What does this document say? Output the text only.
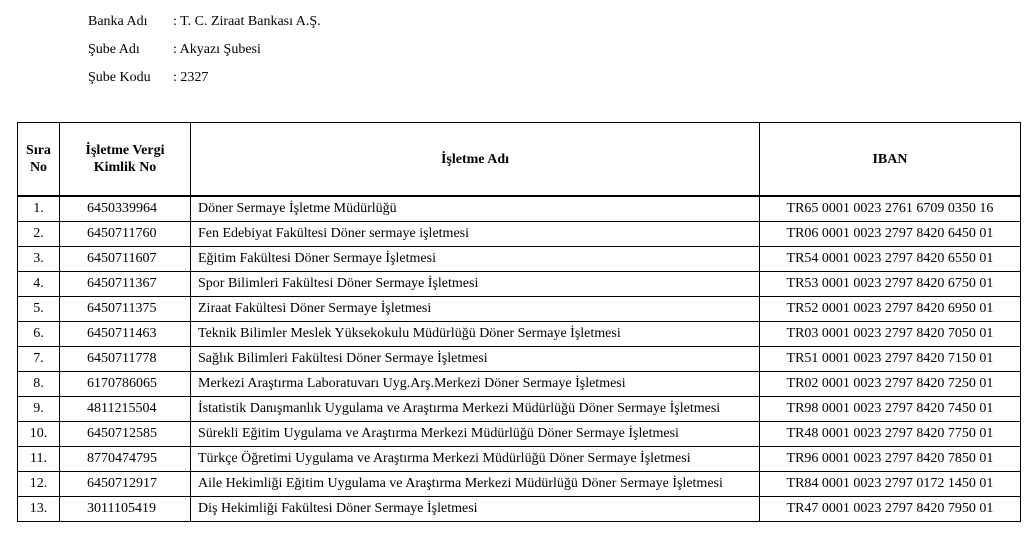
Banka Adı	: T. C. Ziraat Bankası A.Ş.
Şube Adı	: Akyazı Şubesi
Şube Kodu	: 2327
Sıra No	İşletme Vergi Kimlik No	İşletme Adı	IBAN

1.	6450339964	Döner Sermaye İşletme Müdürlüğü	TR65 0001 0023 2761 6709 0350 16
2.	6450711760	Fen Edebiyat Fakültesi Döner sermaye işletmesi	TR06 0001 0023 2797 8420 6450 01
3.	6450711607	Eğitim Fakültesi Döner Sermaye İşletmesi	TR54 0001 0023 2797 8420 6550 01
4.	6450711367	Spor Bilimleri Fakültesi Döner Sermaye İşletmesi	TR53 0001 0023 2797 8420 6750 01
5.	6450711375	Ziraat Fakültesi Döner Sermaye İşletmesi	TR52 0001 0023 2797 8420 6950 01
6.	6450711463	Teknik Bilimler Meslek Yüksekokulu Müdürlüğü Döner Sermaye İşletmesi	TR03 0001 0023 2797 8420 7050 01
7.	6450711778	Sağlık Bilimleri Fakültesi Döner Sermaye İşletmesi	TR51 0001 0023 2797 8420 7150 01
8.	6170786065	Merkezi Araştırma Laboratuvarı Uyg.Arş.Merkezi Döner Sermaye İşletmesi	TR02 0001 0023 2797 8420 7250 01
9.	4811215504	İstatistik Danışmanlık Uygulama ve Araştırma Merkezi Müdürlüğü Döner Sermaye İşletmesi	TR98 0001 0023 2797 8420 7450 01
10.	6450712585	Sürekli Eğitim Uygulama ve Araştırma Merkezi Müdürlüğü Döner Sermaye İşletmesi	TR48 0001 0023 2797 8420 7750 01
11.	8770474795	Türkçe Öğretimi Uygulama ve Araştırma Merkezi Müdürlüğü Döner Sermaye İşletmesi	TR96 0001 0023 2797 8420 7850 01
12.	6450712917	Aile Hekimliği Eğitim Uygulama ve Araştırma Merkezi Müdürlüğü Döner Sermaye İşletmesi	TR84 0001 0023 2797 0172 1450 01
13.	3011105419	Diş Hekimliği Fakültesi Döner Sermaye İşletmesi	TR47 0001 0023 2797 8420 7950 01
